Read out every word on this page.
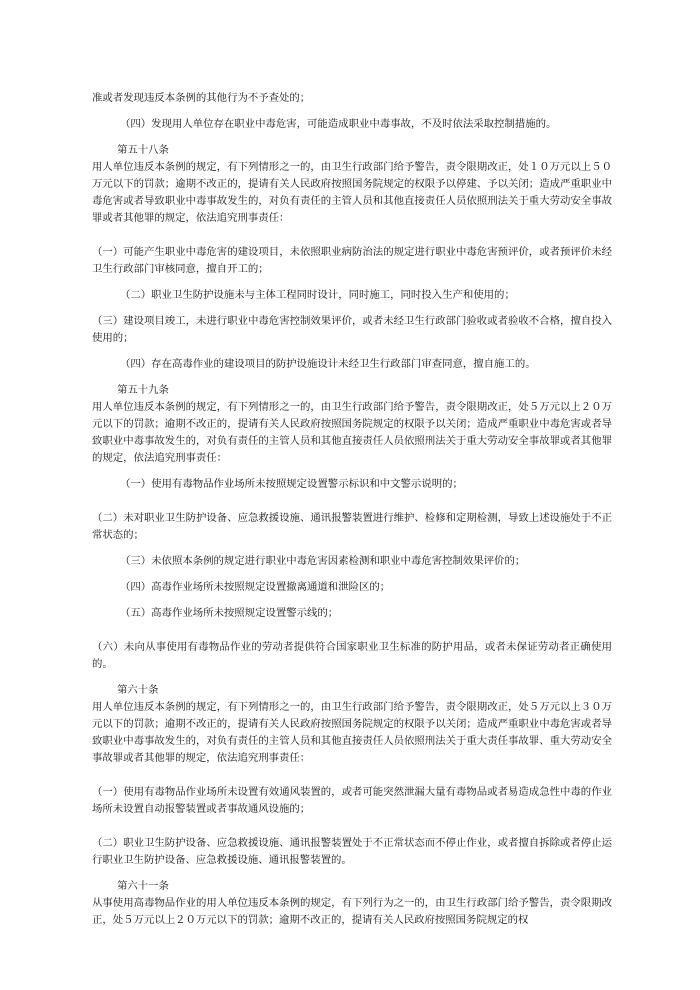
准或者发现违反本条例的其他行为不予查处的；

（四）发现用人单位存在职业中毒危害，可能造成职业中毒事故，不及时依法采取控制措施的。

第五十八条

用人单位违反本条例的规定，有下列情形之一的，由卫生行政部门给予警告，责令限期改正，处１０万元以上５０万元以下的罚款；逾期不改正的，提请有关人民政府按照国务院规定的权限予以停建、予以关闭；造成严重职业中毒危害或者导致职业中毒事故发生的，对负有责任的主管人员和其他直接责任人员依照刑法关于重大劳动安全事故罪或者其他罪的规定，依法追究刑事责任：

（一）可能产生职业中毒危害的建设项目，未依照职业病防治法的规定进行职业中毒危害预评价，或者预评价未经卫生行政部门审核同意，擅自开工的；

（二）职业卫生防护设施未与主体工程同时设计，同时施工，同时投入生产和使用的；

（三）建设项目竣工，未进行职业中毒危害控制效果评价，或者未经卫生行政部门验收或者验收不合格，擅自投入使用的；

（四）存在高毒作业的建设项目的防护设施设计未经卫生行政部门审查同意，擅自施工的。

第五十九条

用人单位违反本条例的规定，有下列情形之一的，由卫生行政部门给予警告，责令限期改正，处５万元以上２０万元以下的罚款；逾期不改正的，提请有关人民政府按照国务院规定的权限予以关闭；造成严重职业中毒危害或者导致职业中毒事故发生的，对负有责任的主管人员和其他直接责任人员依照刑法关于重大劳动安全事故罪或者其他罪的规定，依法追究刑事责任：

（一）使用有毒物品作业场所未按照规定设置警示标识和中文警示说明的；

（二）未对职业卫生防护设备、应急救援设施、通讯报警装置进行维护、检修和定期检测，导致上述设施处于不正常状态的；

（三）未依照本条例的规定进行职业中毒危害因素检测和职业中毒危害控制效果评价的；

（四）高毒作业场所未按照规定设置撤离通道和泄险区的；

（五）高毒作业场所未按照规定设置警示线的；

（六）未向从事使用有毒物品作业的劳动者提供符合国家职业卫生标准的防护用品，或者未保证劳动者正确使用的。

第六十条

用人单位违反本条例的规定，有下列情形之一的，由卫生行政部门给予警告，责令限期改正，处５万元以上３０万元以下的罚款；逾期不改正的，提请有关人民政府按照国务院规定的权限予以关闭；造成严重职业中毒危害或者导致职业中毒事故发生的，对负有责任的主管人员和其他直接责任人员依照刑法关于重大责任事故罪、重大劳动安全事故罪或者其他罪的规定，依法追究刑事责任：

（一）使用有毒物品作业场所未设置有效通风装置的，或者可能突然泄漏大量有毒物品或者易造成急性中毒的作业场所未设置自动报警装置或者事故通风设施的；

（二）职业卫生防护设备、应急救援设施、通讯报警装置处于不正常状态而不停止作业，或者擅自拆除或者停止运行职业卫生防护设备、应急救援设施、通讯报警装置的。

第六十一条

从事使用高毒物品作业的用人单位违反本条例的规定，有下列行为之一的，由卫生行政部门给予警告，责令限期改正，处５万元以上２０万元以下的罚款；逾期不改正的，提请有关人民政府按照国务院规定的权
